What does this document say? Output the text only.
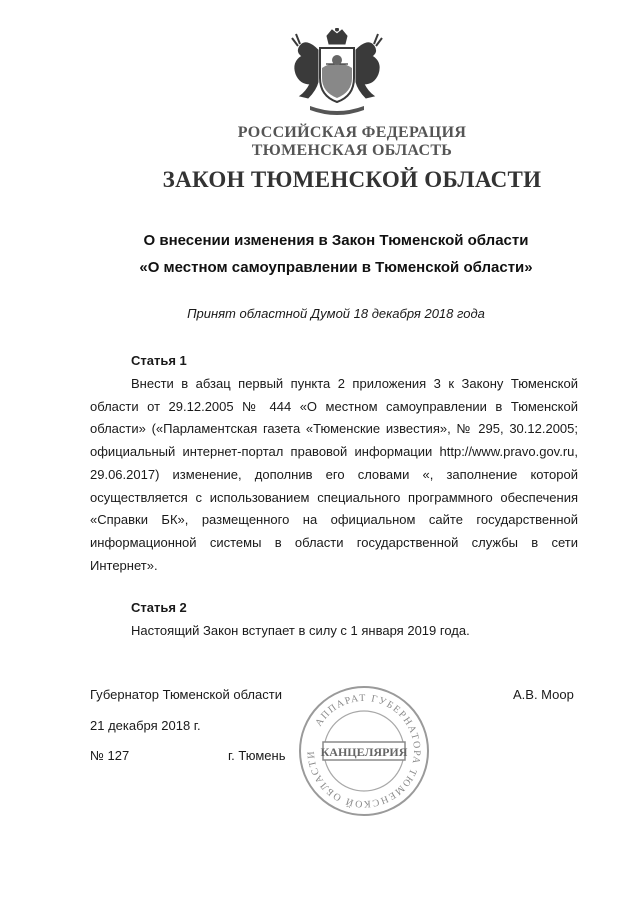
РОССИЙСКАЯ ФЕДЕРАЦИЯ
ТЮМЕНСКАЯ ОБЛАСТЬ
ЗАКОН ТЮМЕНСКОЙ ОБЛАСТИ
О внесении изменения в Закон Тюменской области
«О местном самоуправлении в Тюменской области»
Принят областной Думой 18 декабря 2018 года
Статья 1
Внести в абзац первый пункта 2 приложения 3 к Закону Тюменской области от 29.12.2005 № 444 «О местном самоуправлении в Тюменской области» («Парламентская газета «Тюменские известия», № 295, 30.12.2005; официальный интернет-портал правовой информации http://www.pravo.gov.ru, 29.06.2017) изменение, дополнив его словами «, заполнение которой осуществляется с использованием специального программного обеспечения «Справки БК», размещенного на официальном сайте государственной информационной системы в области государственной службы в сети Интернет».
Статья 2
Настоящий Закон вступает в силу с 1 января 2019 года.
Губернатор Тюменской области	А.В. Моор
21 декабря 2018 г.
№ 127	г. Тюмень
АППАРАТ ГУБЕРНАТОРА ТЮМЕНСКОЙ ОБЛАСТИ КАНЦЕЛЯРИЯ
